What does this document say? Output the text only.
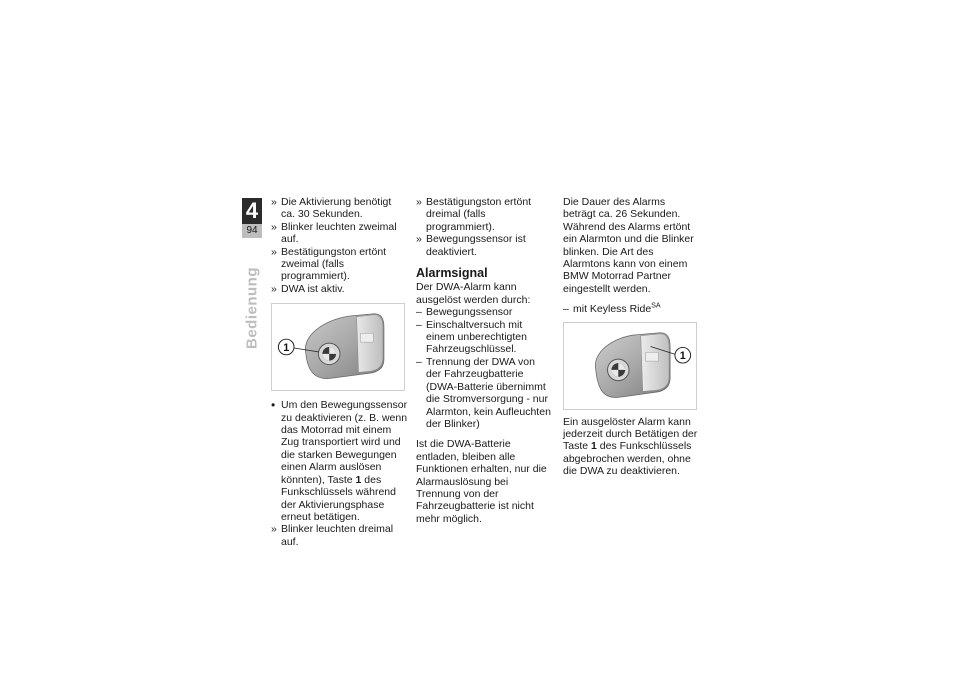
4
94
Bedienung
» Die Aktivierung benötigt ca. 30 Sekunden.
» Blinker leuchten zweimal auf.
» Bestätigungston ertönt zweimal (falls programmiert).
» DWA ist aktiv.
1
• Um den Bewegungssensor zu deaktivieren (z. B. wenn das Motorrad mit einem Zug transportiert wird und die starken Bewegungen einen Alarm auslösen könnten), Taste 1 des Funkschlüssels während der Aktivierungsphase erneut betätigen.
» Blinker leuchten dreimal auf.
» Bestätigungston ertönt dreimal (falls programmiert).
» Bewegungssensor ist deaktiviert.
Alarmsignal

Der DWA-Alarm kann ausgelöst werden durch:

– Bewegungssensor
– Einschaltversuch mit einem unberechtigten Fahrzeugschlüssel.
– Trennung der DWA von der Fahrzeugbatterie (DWA-Batterie übernimmt die Stromversorgung - nur Alarmton, kein Aufleuchten der Blinker)

Ist die DWA-Batterie entladen, bleiben alle Funktionen erhalten, nur die Alarmauslösung bei Trennung von der Fahrzeugbatterie ist nicht mehr möglich.

Die Dauer des Alarms beträgt ca. 26 Sekunden. Während des Alarms ertönt ein Alarmton und die Blinker blinken. Die Art des Alarmtons kann von einem BMW Motorrad Partner eingestellt werden.

– mit Keyless Ride$^{SA}$
1

Ein ausgelöster Alarm kann jederzeit durch Betätigen der Taste 1 des Funkschlüssels abgebrochen werden, ohne die DWA zu deaktivieren.
